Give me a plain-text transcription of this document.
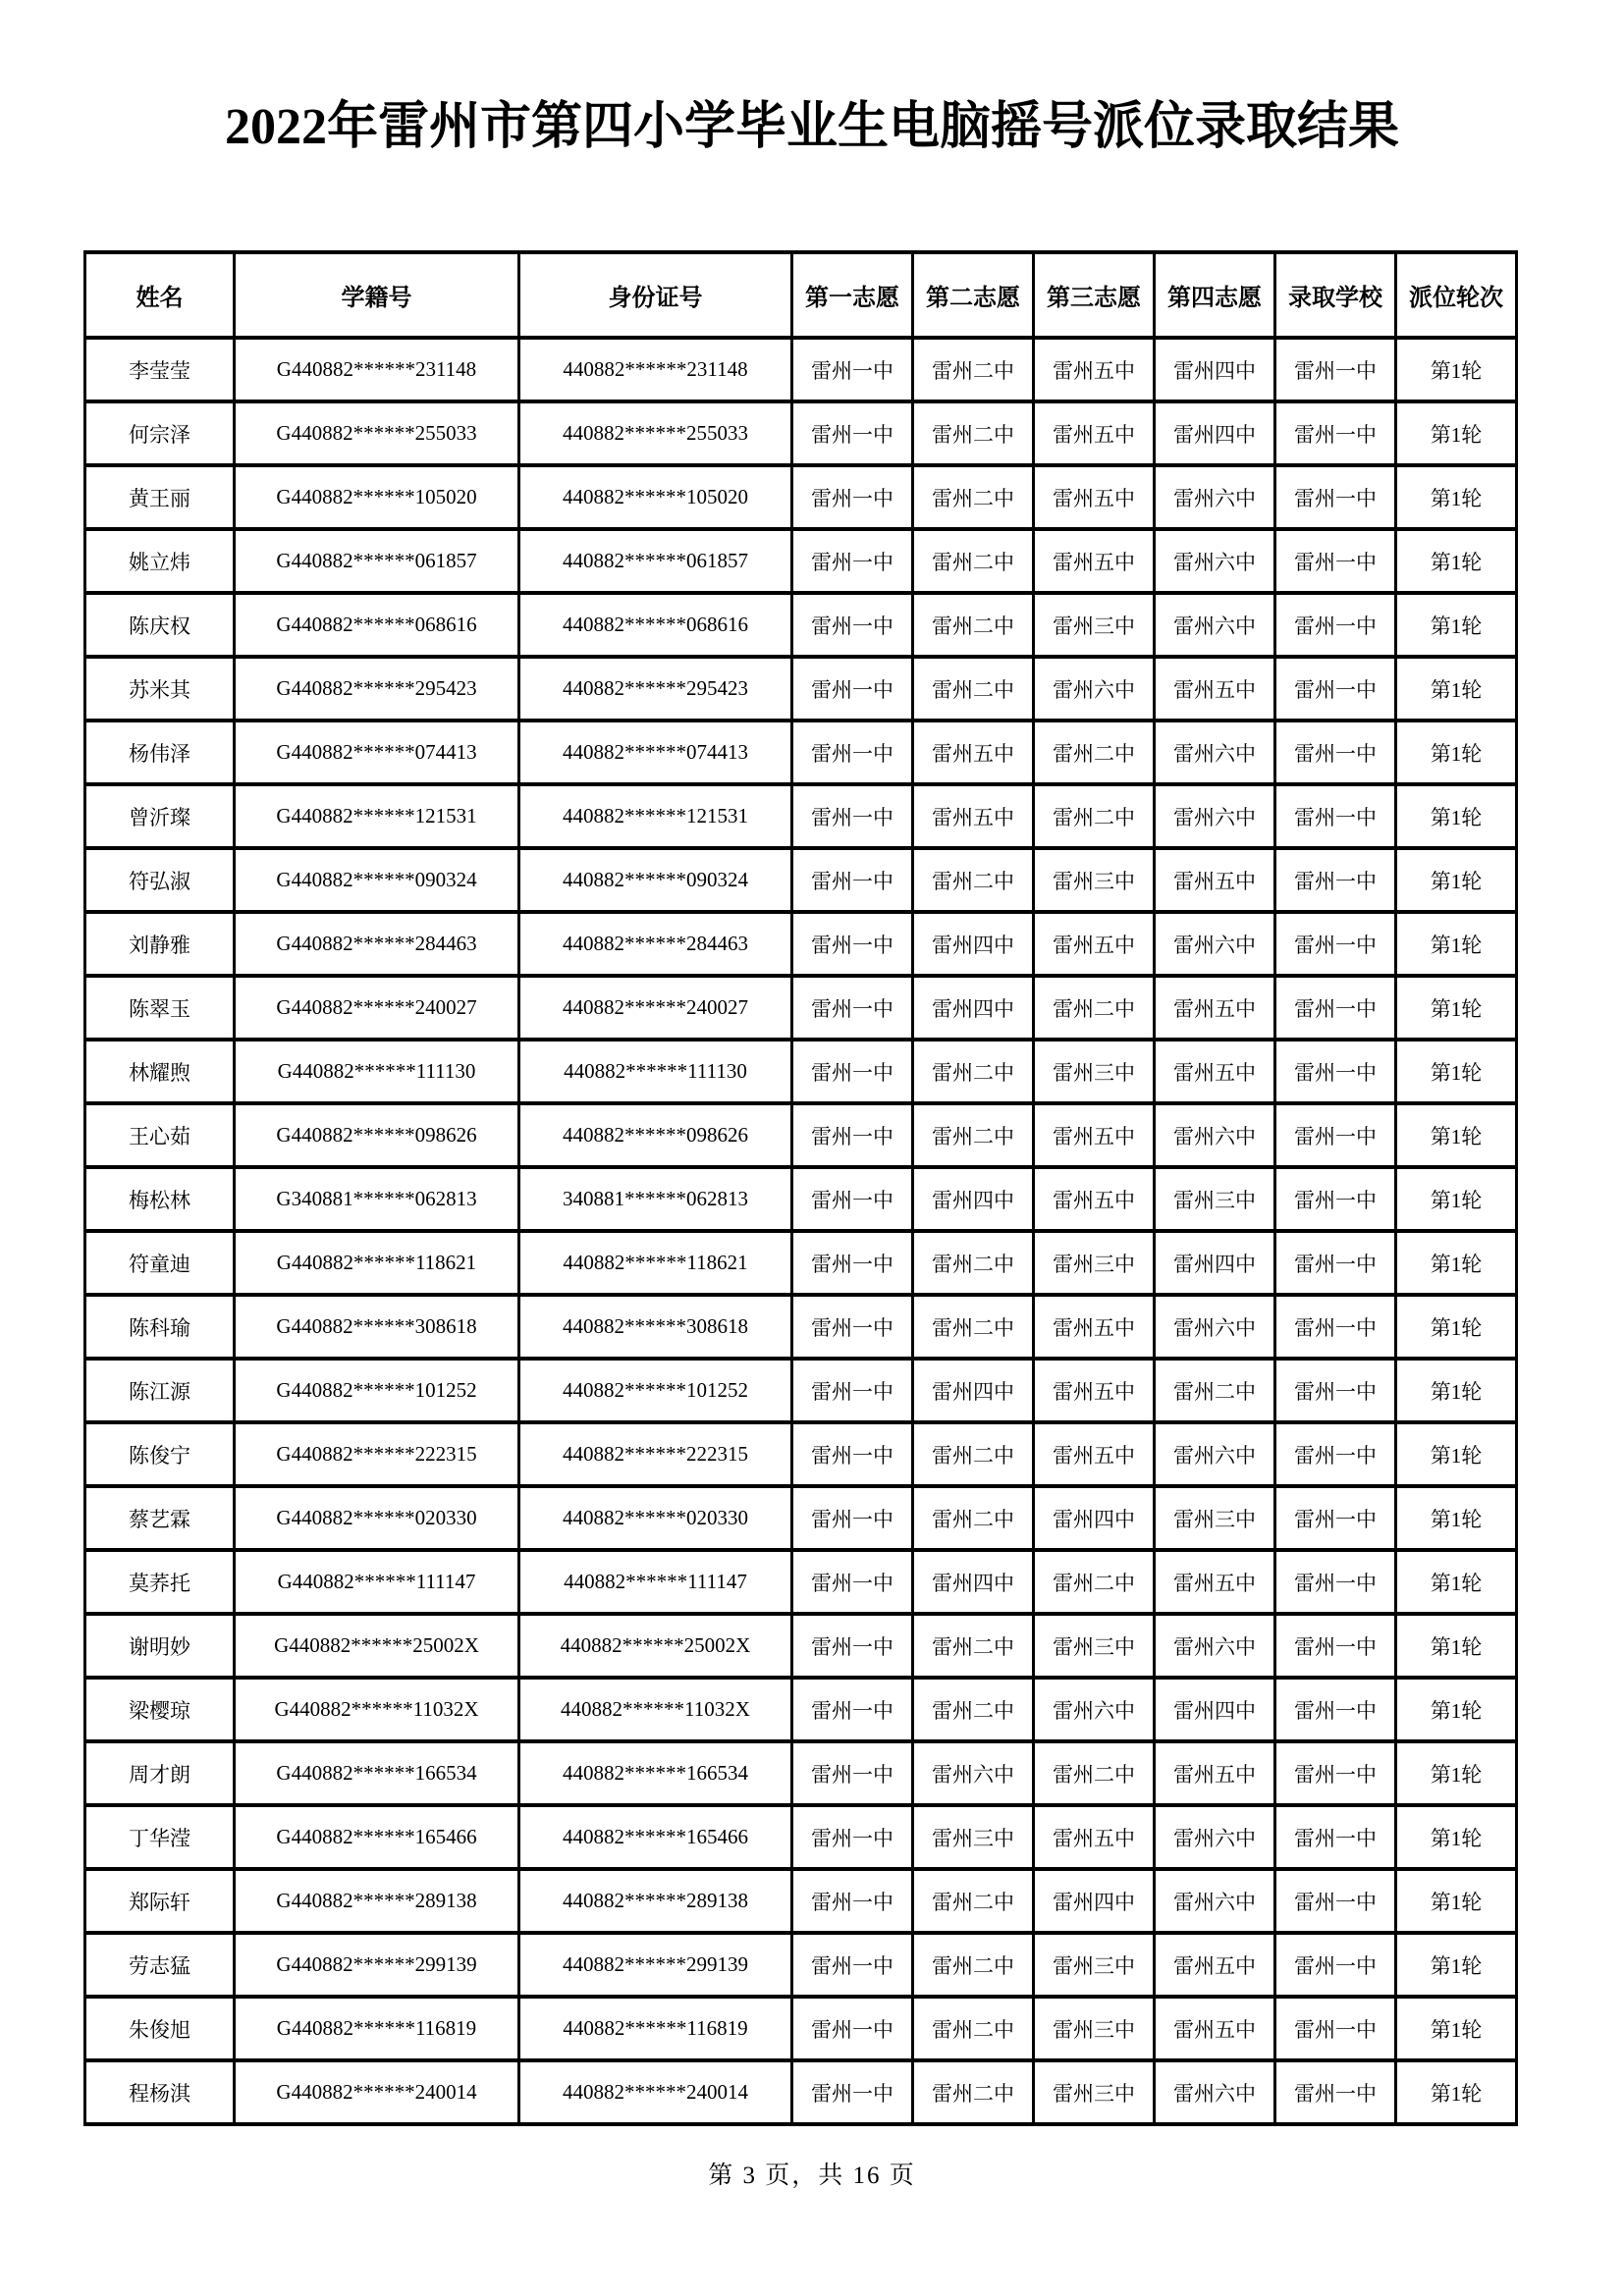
2022年雷州市第四小学毕业生电脑摇号派位录取结果
姓名	学籍号	身份证号	第一志愿	第二志愿	第三志愿	第四志愿	录取学校	派位轮次
李莹莹	G440882******231148	440882******231148	雷州一中	雷州二中	雷州五中	雷州四中	雷州一中	第1轮
何宗泽	G440882******255033	440882******255033	雷州一中	雷州二中	雷州五中	雷州四中	雷州一中	第1轮
黄王丽	G440882******105020	440882******105020	雷州一中	雷州二中	雷州五中	雷州六中	雷州一中	第1轮
姚立炜	G440882******061857	440882******061857	雷州一中	雷州二中	雷州五中	雷州六中	雷州一中	第1轮
陈庆权	G440882******068616	440882******068616	雷州一中	雷州二中	雷州三中	雷州六中	雷州一中	第1轮
苏米其	G440882******295423	440882******295423	雷州一中	雷州二中	雷州六中	雷州五中	雷州一中	第1轮
杨伟泽	G440882******074413	440882******074413	雷州一中	雷州五中	雷州二中	雷州六中	雷州一中	第1轮
曾沂璨	G440882******121531	440882******121531	雷州一中	雷州五中	雷州二中	雷州六中	雷州一中	第1轮
符弘淑	G440882******090324	440882******090324	雷州一中	雷州二中	雷州三中	雷州五中	雷州一中	第1轮
刘静雅	G440882******284463	440882******284463	雷州一中	雷州四中	雷州五中	雷州六中	雷州一中	第1轮
陈翠玉	G440882******240027	440882******240027	雷州一中	雷州四中	雷州二中	雷州五中	雷州一中	第1轮
林耀煦	G440882******111130	440882******111130	雷州一中	雷州二中	雷州三中	雷州五中	雷州一中	第1轮
王心茹	G440882******098626	440882******098626	雷州一中	雷州二中	雷州五中	雷州六中	雷州一中	第1轮
梅松林	G340881******062813	340881******062813	雷州一中	雷州四中	雷州五中	雷州三中	雷州一中	第1轮
符童迪	G440882******118621	440882******118621	雷州一中	雷州二中	雷州三中	雷州四中	雷州一中	第1轮
陈科瑜	G440882******308618	440882******308618	雷州一中	雷州二中	雷州五中	雷州六中	雷州一中	第1轮
陈江源	G440882******101252	440882******101252	雷州一中	雷州四中	雷州五中	雷州二中	雷州一中	第1轮
陈俊宁	G440882******222315	440882******222315	雷州一中	雷州二中	雷州五中	雷州六中	雷州一中	第1轮
蔡艺霖	G440882******020330	440882******020330	雷州一中	雷州二中	雷州四中	雷州三中	雷州一中	第1轮
莫荞托	G440882******111147	440882******111147	雷州一中	雷州四中	雷州二中	雷州五中	雷州一中	第1轮
谢明妙	G440882******25002X	440882******25002X	雷州一中	雷州二中	雷州三中	雷州六中	雷州一中	第1轮
梁樱琼	G440882******11032X	440882******11032X	雷州一中	雷州二中	雷州六中	雷州四中	雷州一中	第1轮
周才朗	G440882******166534	440882******166534	雷州一中	雷州六中	雷州二中	雷州五中	雷州一中	第1轮
丁华滢	G440882******165466	440882******165466	雷州一中	雷州三中	雷州五中	雷州六中	雷州一中	第1轮
郑际轩	G440882******289138	440882******289138	雷州一中	雷州二中	雷州四中	雷州六中	雷州一中	第1轮
劳志猛	G440882******299139	440882******299139	雷州一中	雷州二中	雷州三中	雷州五中	雷州一中	第1轮
朱俊旭	G440882******116819	440882******116819	雷州一中	雷州二中	雷州三中	雷州五中	雷州一中	第1轮
程杨淇	G440882******240014	440882******240014	雷州一中	雷州二中	雷州三中	雷州六中	雷州一中	第1轮
第 3 页，共 16 页
